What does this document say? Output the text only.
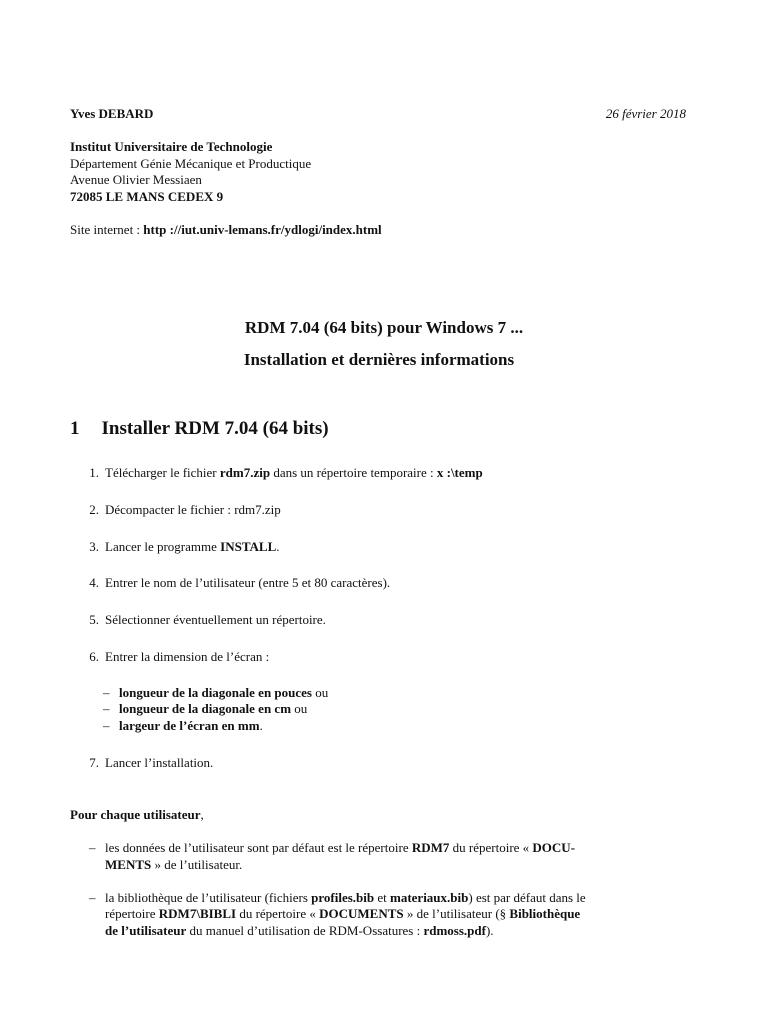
Yves DEBARD	26 février 2018
Institut Universitaire de Technologie
Département Génie Mécanique et Productique
Avenue Olivier Messiaen
72085 LE MANS CEDEX 9
Site internet : http ://iut.univ-lemans.fr/ydlogi/index.html
RDM 7.04 (64 bits) pour Windows 7 ...
Installation et dernières informations
1 Installer RDM 7.04 (64 bits)
1. Télécharger le fichier rdm7.zip dans un répertoire temporaire : x :\temp
2. Décompacter le fichier : rdm7.zip
3. Lancer le programme INSTALL.
4. Entrer le nom de l’utilisateur (entre 5 et 80 caractères).
5. Sélectionner éventuellement un répertoire.
6. Entrer la dimension de l’écran :
– longueur de la diagonale en pouces ou
– longueur de la diagonale en cm ou
– largeur de l’écran en mm.
7. Lancer l’installation.
Pour chaque utilisateur,
– les données de l’utilisateur sont par défaut est le répertoire RDM7 du répertoire « DOCU-
MENTS » de l’utilisateur.
– la bibliothèque de l’utilisateur (fichiers profiles.bib et materiaux.bib) est par défaut dans le
répertoire RDM7\BIBLI du répertoire « DOCUMENTS » de l’utilisateur (§ Bibliothèque
de l’utilisateur du manuel d’utilisation de RDM-Ossatures : rdmoss.pdf).
